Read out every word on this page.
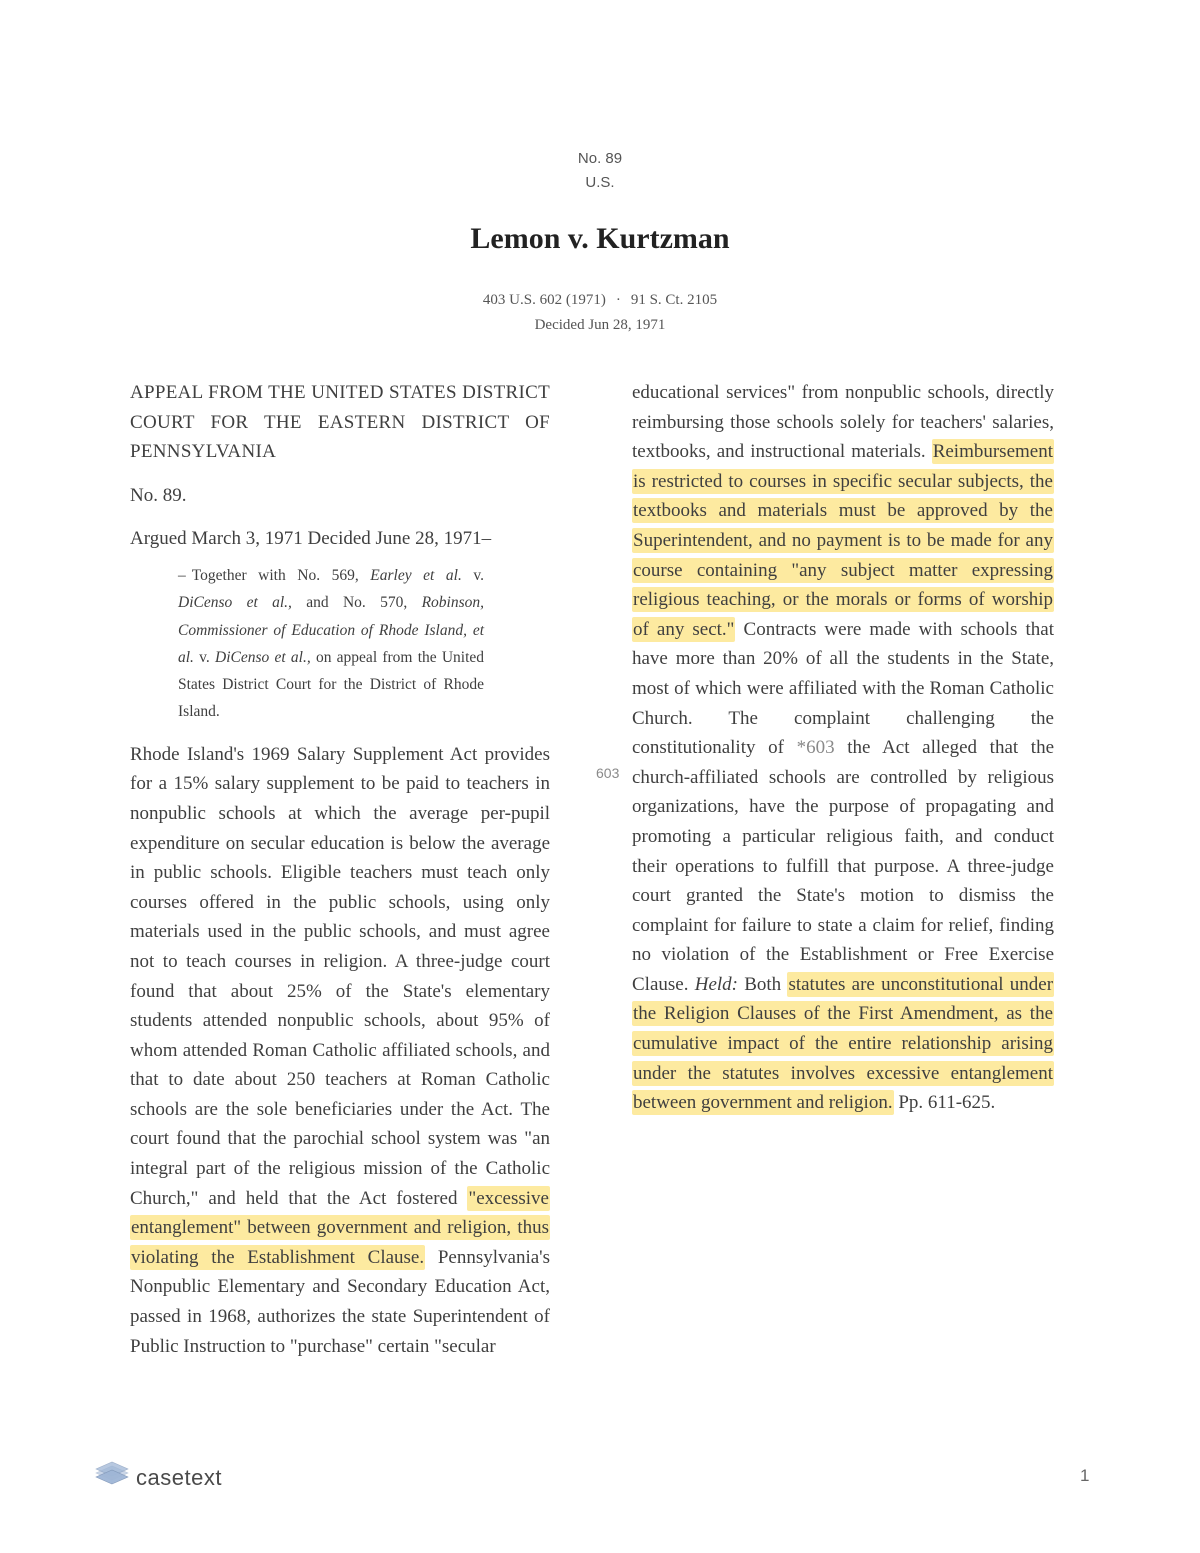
No. 89
U.S.
Lemon v. Kurtzman
403 U.S. 602 (1971) · 91 S. Ct. 2105
Decided Jun 28, 1971

APPEAL FROM THE UNITED STATES DISTRICT COURT FOR THE EASTERN DISTRICT OF PENNSYLVANIA

No. 89.

Argued March 3, 1971 Decided June 28, 1971–

– Together with No. 569, Earley et al. v. DiCenso et al., and No. 570, Robinson, Commissioner of Education of Rhode Island, et al. v. DiCenso et al., on appeal from the United States District Court for the District of Rhode Island.

Rhode Island's 1969 Salary Supplement Act provides for a 15% salary supplement to be paid to teachers in nonpublic schools at which the average per-pupil expenditure on secular education is below the average in public schools. Eligible teachers must teach only courses offered in the public schools, using only materials used in the public schools, and must agree not to teach courses in religion. A three-judge court found that about 25% of the State's elementary students attended nonpublic schools, about 95% of whom attended Roman Catholic affiliated schools, and that to date about 250 teachers at Roman Catholic schools are the sole beneficiaries under the Act. The court found that the parochial school system was "an integral part of the religious mission of the Catholic Church," and held that the Act fostered "excessive entanglement" between government and religion, thus violating the Establishment Clause. Pennsylvania's Nonpublic Elementary and Secondary Education Act, passed in 1968, authorizes the state Superintendent of Public Instruction to "purchase" certain "secular

603

educational services" from nonpublic schools, directly reimbursing those schools solely for teachers' salaries, textbooks, and instructional materials. Reimbursement is restricted to courses in specific secular subjects, the textbooks and materials must be approved by the Superintendent, and no payment is to be made for any course containing "any subject matter expressing religious teaching, or the morals or forms of worship of any sect." Contracts were made with schools that have more than 20% of all the students in the State, most of which were affiliated with the Roman Catholic Church. The complaint challenging the constitutionality of *603 the Act alleged that the church-affiliated schools are controlled by religious organizations, have the purpose of propagating and promoting a particular religious faith, and conduct their operations to fulfill that purpose. A three-judge court granted the State's motion to dismiss the complaint for failure to state a claim for relief, finding no violation of the Establishment or Free Exercise Clause. Held: Both statutes are unconstitutional under the Religion Clauses of the First Amendment, as the cumulative impact of the entire relationship arising under the statutes involves excessive entanglement between government and religion. Pp. 611-625.

casetext	1
